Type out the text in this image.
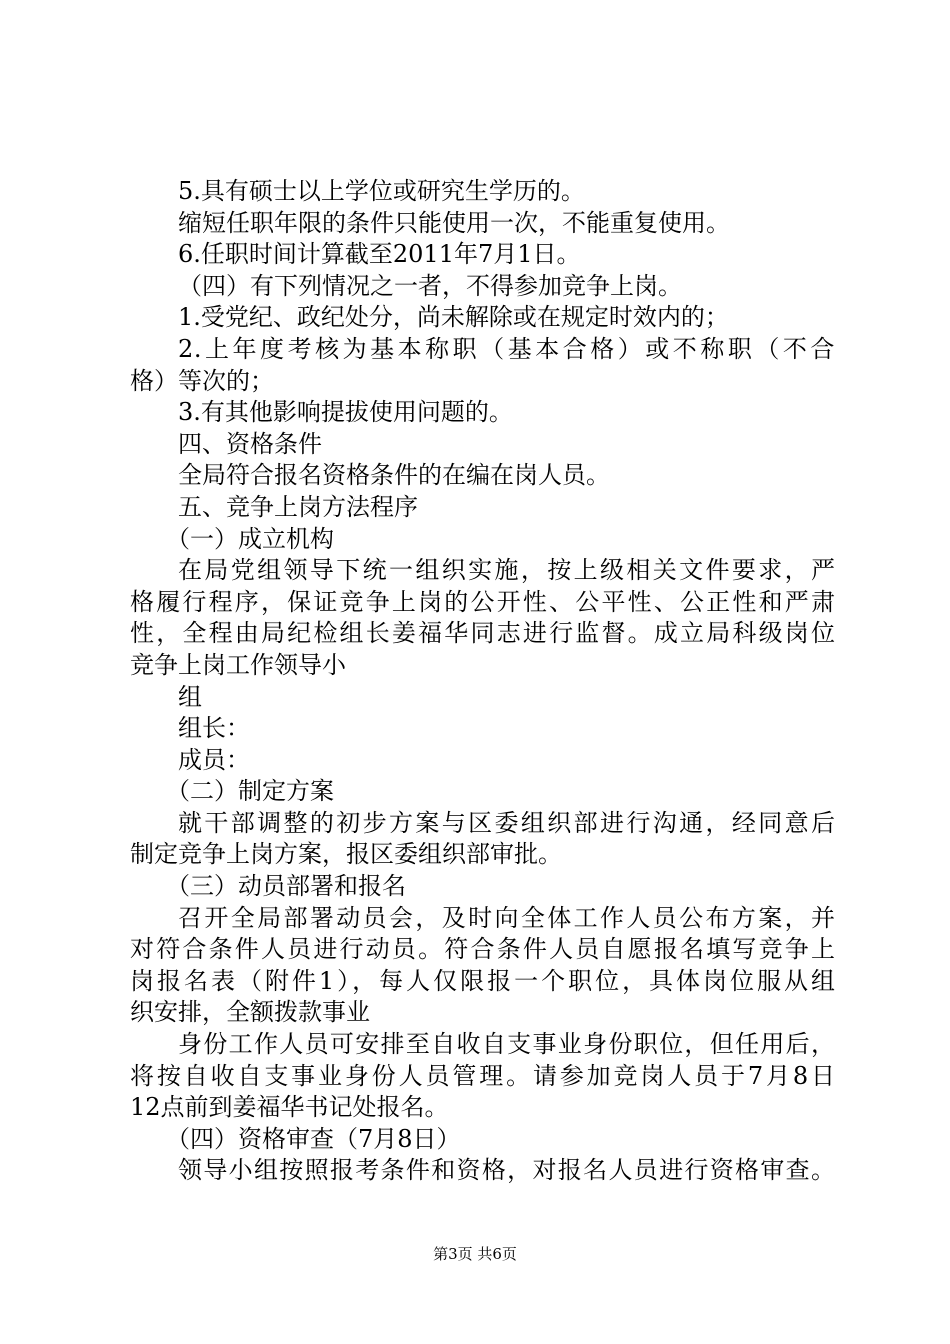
5.具有硕士以上学位或研究生学历的。
缩短任职年限的条件只能使用一次，不能重复使用。
6.任职时间计算截至2011年7月1日。
（四）有下列情况之一者，不得参加竞争上岗。
1.受党纪、政纪处分，尚未解除或在规定时效内的；
2.上年度考核为基本称职（基本合格）或不称职（不合
格）等次的；
3.有其他影响提拔使用问题的。
四、资格条件
全局符合报名资格条件的在编在岗人员。
五、竞争上岗方法程序
（一）成立机构
在局党组领导下统一组织实施，按上级相关文件要求，严
格履行程序，保证竞争上岗的公开性、公平性、公正性和严肃
性，全程由局纪检组长姜福华同志进行监督。成立局科级岗位
竞争上岗工作领导小
组
组长：
成员：
（二）制定方案
就干部调整的初步方案与区委组织部进行沟通，经同意后
制定竞争上岗方案，报区委组织部审批。
（三）动员部署和报名
召开全局部署动员会，及时向全体工作人员公布方案，并
对符合条件人员进行动员。符合条件人员自愿报名填写竞争上
岗报名表（附件1），每人仅限报一个职位，具体岗位服从组
织安排，全额拨款事业
身份工作人员可安排至自收自支事业身份职位，但任用后，
将按自收自支事业身份人员管理。请参加竞岗人员于7月8日
12点前到姜福华书记处报名。
（四）资格审查（7月8日）
领导小组按照报考条件和资格，对报名人员进行资格审查。
第3页 共6页
